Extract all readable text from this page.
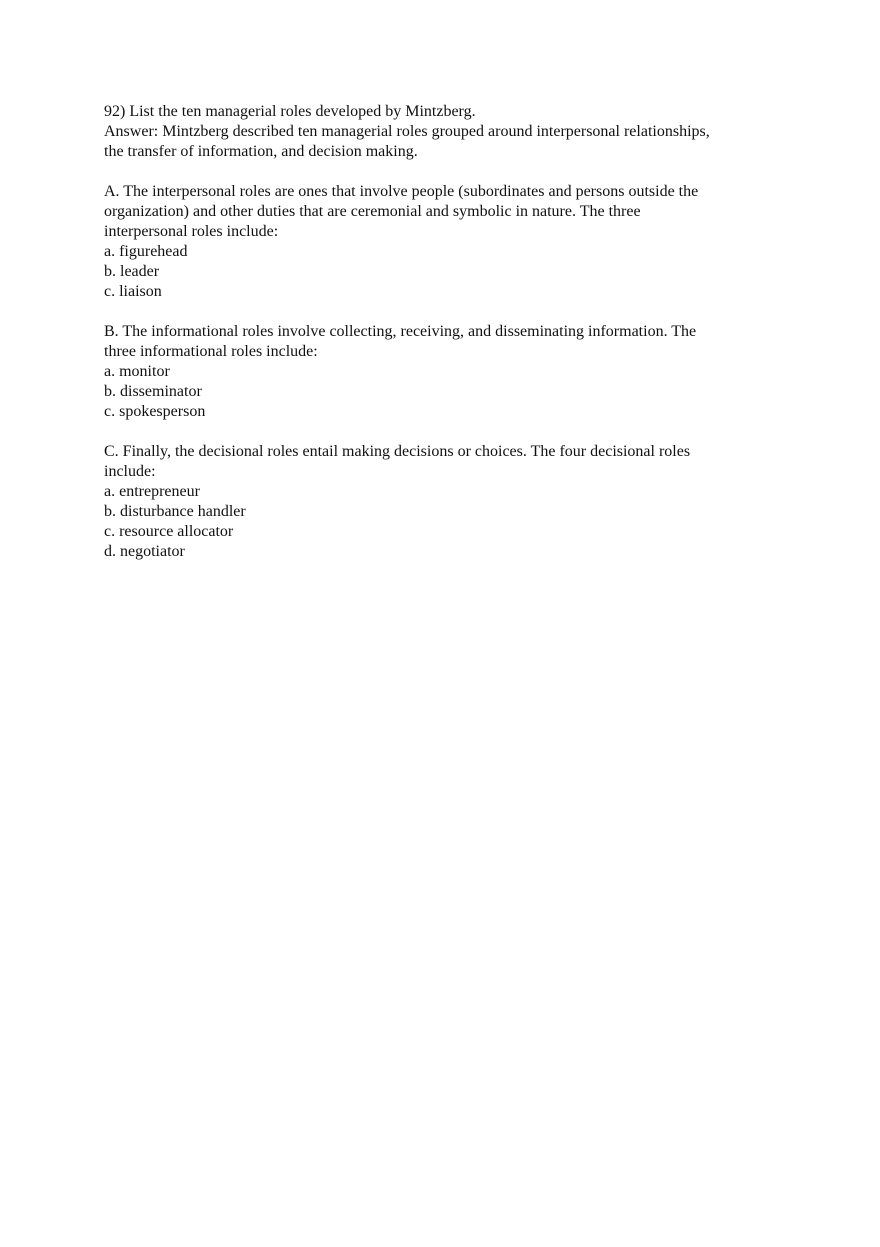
92) List the ten managerial roles developed by Mintzberg.
Answer: Mintzberg described ten managerial roles grouped around interpersonal relationships,
the transfer of information, and decision making.
A. The interpersonal roles are ones that involve people (subordinates and persons outside the
organization) and other duties that are ceremonial and symbolic in nature. The three
interpersonal roles include:
a. figurehead
b. leader
c. liaison
B. The informational roles involve collecting, receiving, and disseminating information. The
three informational roles include:
a. monitor
b. disseminator
c. spokesperson
C. Finally, the decisional roles entail making decisions or choices. The four decisional roles
include:
a. entrepreneur
b. disturbance handler
c. resource allocator
d. negotiator
